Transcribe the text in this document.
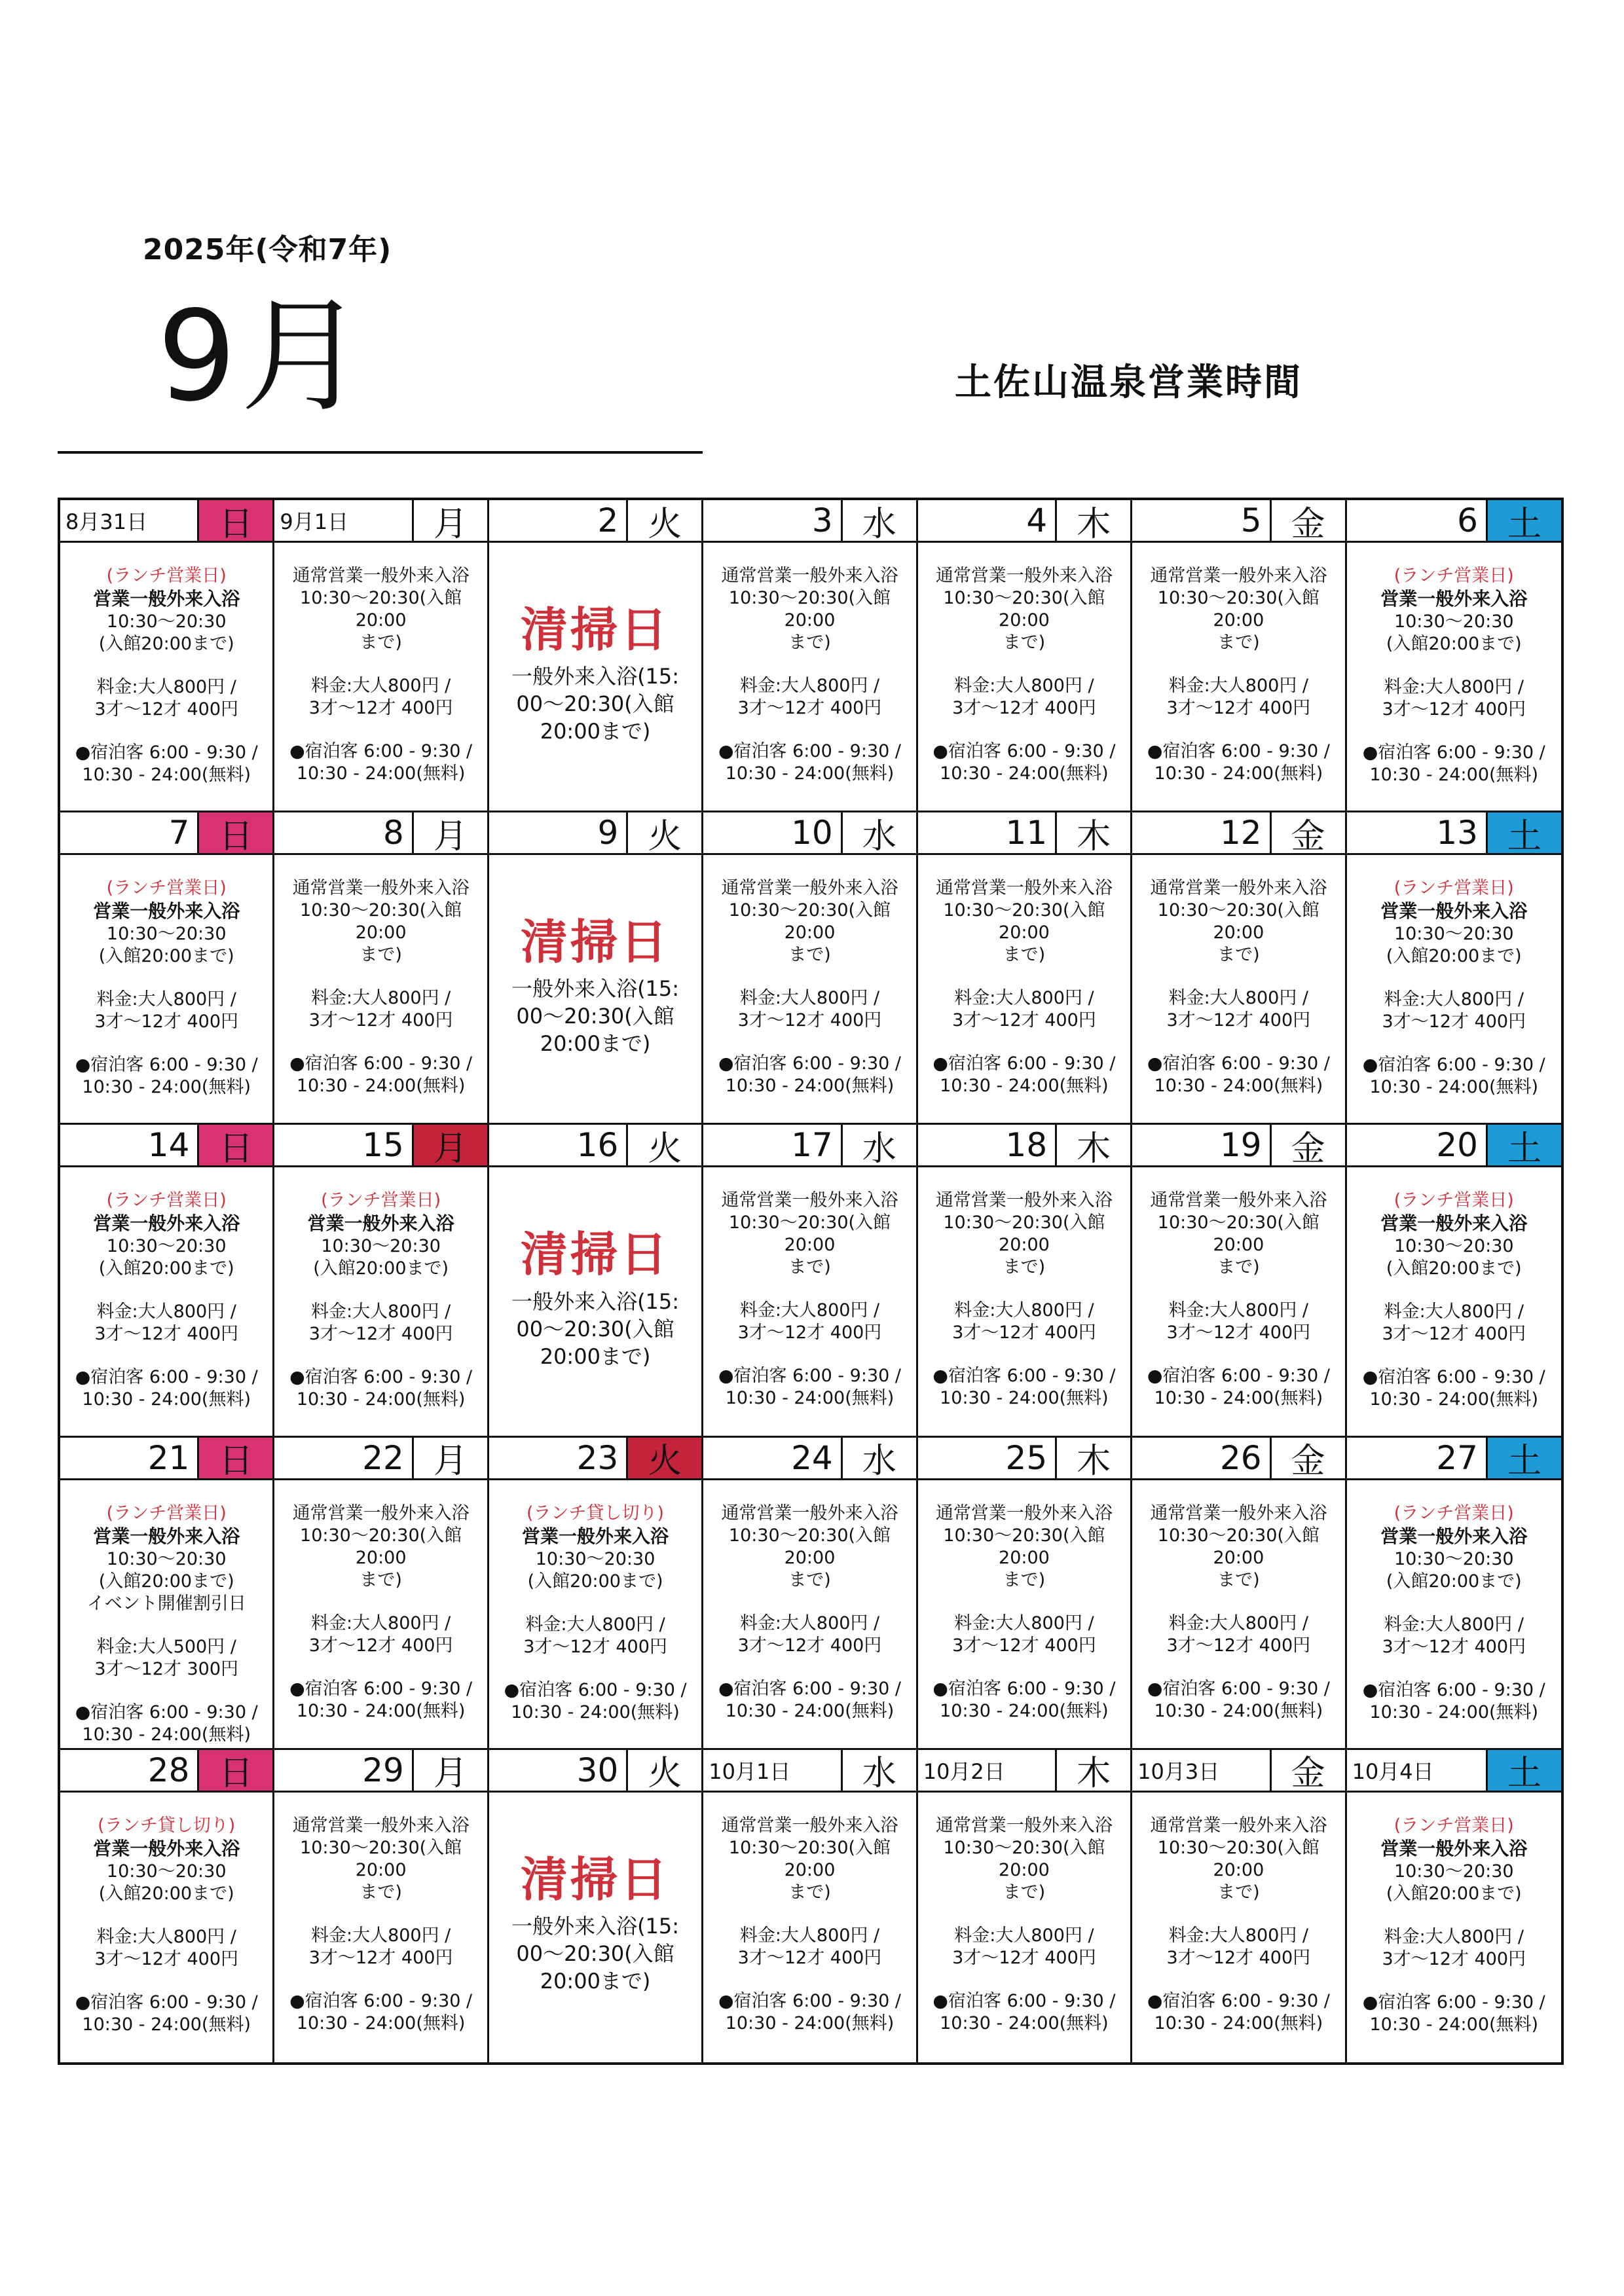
2025年(令和7年)
9月	土佐山温泉営業時間
8月31日	日
(ランチ営業日)
営業一般外来入浴
10:30〜20:30
(入館20:00まで)
料金:大人800円 /
3才〜12才 400円
●宿泊客 6:00 - 9:30 /
10:30 - 24:00(無料)
9月1日	月
通常営業一般外来入浴
10:30〜20:30(入館20:00
まで)
料金:大人800円 /
3才〜12才 400円
●宿泊客 6:00 - 9:30 /
10:30 - 24:00(無料)
2 火
清掃日
一般外来入浴(15:
00〜20:30(入館
20:00まで)
3 水
通常営業一般外来入浴
10:30〜20:30(入館20:00
まで)
料金:大人800円 /
3才〜12才 400円
●宿泊客 6:00 - 9:30 /
10:30 - 24:00(無料)
4 木
通常営業一般外来入浴
10:30〜20:30(入館20:00
まで)
料金:大人800円 /
3才〜12才 400円
●宿泊客 6:00 - 9:30 /
10:30 - 24:00(無料)
5 金
通常営業一般外来入浴
10:30〜20:30(入館20:00
まで)
料金:大人800円 /
3才〜12才 400円
●宿泊客 6:00 - 9:30 /
10:30 - 24:00(無料)
6 土
(ランチ営業日)
営業一般外来入浴
10:30〜20:30
(入館20:00まで)
料金:大人800円 /
3才〜12才 400円
●宿泊客 6:00 - 9:30 /
10:30 - 24:00(無料)
7 日
(ランチ営業日)
営業一般外来入浴
10:30〜20:30
(入館20:00まで)
料金:大人800円 /
3才〜12才 400円
●宿泊客 6:00 - 9:30 /
10:30 - 24:00(無料)
8 月
通常営業一般外来入浴
10:30〜20:30(入館20:00
まで)
料金:大人800円 /
3才〜12才 400円
●宿泊客 6:00 - 9:30 /
10:30 - 24:00(無料)
9 火
清掃日
一般外来入浴(15:
00〜20:30(入館
20:00まで)
10 水
通常営業一般外来入浴
10:30〜20:30(入館20:00
まで)
料金:大人800円 /
3才〜12才 400円
●宿泊客 6:00 - 9:30 /
10:30 - 24:00(無料)
11 木
通常営業一般外来入浴
10:30〜20:30(入館20:00
まで)
料金:大人800円 /
3才〜12才 400円
●宿泊客 6:00 - 9:30 /
10:30 - 24:00(無料)
12 金
通常営業一般外来入浴
10:30〜20:30(入館20:00
まで)
料金:大人800円 /
3才〜12才 400円
●宿泊客 6:00 - 9:30 /
10:30 - 24:00(無料)
13 土
(ランチ営業日)
営業一般外来入浴
10:30〜20:30
(入館20:00まで)
料金:大人800円 /
3才〜12才 400円
●宿泊客 6:00 - 9:30 /
10:30 - 24:00(無料)
14 日
(ランチ営業日)
営業一般外来入浴
10:30〜20:30
(入館20:00まで)
料金:大人800円 /
3才〜12才 400円
●宿泊客 6:00 - 9:30 /
10:30 - 24:00(無料)
15 月
(ランチ営業日)
営業一般外来入浴
10:30〜20:30
(入館20:00まで)
料金:大人800円 /
3才〜12才 400円
●宿泊客 6:00 - 9:30 /
10:30 - 24:00(無料)
16 火
清掃日
一般外来入浴(15:
00〜20:30(入館
20:00まで)
17 水
通常営業一般外来入浴
10:30〜20:30(入館20:00
まで)
料金:大人800円 /
3才〜12才 400円
●宿泊客 6:00 - 9:30 /
10:30 - 24:00(無料)
18 木
通常営業一般外来入浴
10:30〜20:30(入館20:00
まで)
料金:大人800円 /
3才〜12才 400円
●宿泊客 6:00 - 9:30 /
10:30 - 24:00(無料)
19 金
通常営業一般外来入浴
10:30〜20:30(入館20:00
まで)
料金:大人800円 /
3才〜12才 400円
●宿泊客 6:00 - 9:30 /
10:30 - 24:00(無料)
20 土
(ランチ営業日)
営業一般外来入浴
10:30〜20:30
(入館20:00まで)
料金:大人800円 /
3才〜12才 400円
●宿泊客 6:00 - 9:30 /
10:30 - 24:00(無料)
21 日
(ランチ営業日)
営業一般外来入浴
10:30〜20:30
(入館20:00まで)
イベント開催割引日
料金:大人500円 /
3才〜12才 300円
●宿泊客 6:00 - 9:30 /
10:30 - 24:00(無料)
22 月
通常営業一般外来入浴
10:30〜20:30(入館20:00
まで)
料金:大人800円 /
3才〜12才 400円
●宿泊客 6:00 - 9:30 /
10:30 - 24:00(無料)
23 火
(ランチ貸し切り)
営業一般外来入浴
10:30〜20:30
(入館20:00まで)
料金:大人800円 /
3才〜12才 400円
●宿泊客 6:00 - 9:30 /
10:30 - 24:00(無料)
24 水
通常営業一般外来入浴
10:30〜20:30(入館20:00
まで)
料金:大人800円 /
3才〜12才 400円
●宿泊客 6:00 - 9:30 /
10:30 - 24:00(無料)
25 木
通常営業一般外来入浴
10:30〜20:30(入館20:00
まで)
料金:大人800円 /
3才〜12才 400円
●宿泊客 6:00 - 9:30 /
10:30 - 24:00(無料)
26 金
通常営業一般外来入浴
10:30〜20:30(入館20:00
まで)
料金:大人800円 /
3才〜12才 400円
●宿泊客 6:00 - 9:30 /
10:30 - 24:00(無料)
27 土
(ランチ営業日)
営業一般外来入浴
10:30〜20:30
(入館20:00まで)
料金:大人800円 /
3才〜12才 400円
●宿泊客 6:00 - 9:30 /
10:30 - 24:00(無料)
28 日
(ランチ貸し切り)
営業一般外来入浴
10:30〜20:30
(入館20:00まで)
料金:大人800円 /
3才〜12才 400円
●宿泊客 6:00 - 9:30 /
10:30 - 24:00(無料)
29 月
通常営業一般外来入浴
10:30〜20:30(入館20:00
まで)
料金:大人800円 /
3才〜12才 400円
●宿泊客 6:00 - 9:30 /
10:30 - 24:00(無料)
30 火
清掃日
一般外来入浴(15:
00〜20:30(入館
20:00まで)
10月1日	水
通常営業一般外来入浴
10:30〜20:30(入館20:00
まで)
料金:大人800円 /
3才〜12才 400円
●宿泊客 6:00 - 9:30 /
10:30 - 24:00(無料)
10月2日	木
通常営業一般外来入浴
10:30〜20:30(入館20:00
まで)
料金:大人800円 /
3才〜12才 400円
●宿泊客 6:00 - 9:30 /
10:30 - 24:00(無料)
10月3日	金
通常営業一般外来入浴
10:30〜20:30(入館20:00
まで)
料金:大人800円 /
3才〜12才 400円
●宿泊客 6:00 - 9:30 /
10:30 - 24:00(無料)
10月4日	土
(ランチ営業日)
営業一般外来入浴
10:30〜20:30
(入館20:00まで)
料金:大人800円 /
3才〜12才 400円
●宿泊客 6:00 - 9:30 /
10:30 - 24:00(無料)
